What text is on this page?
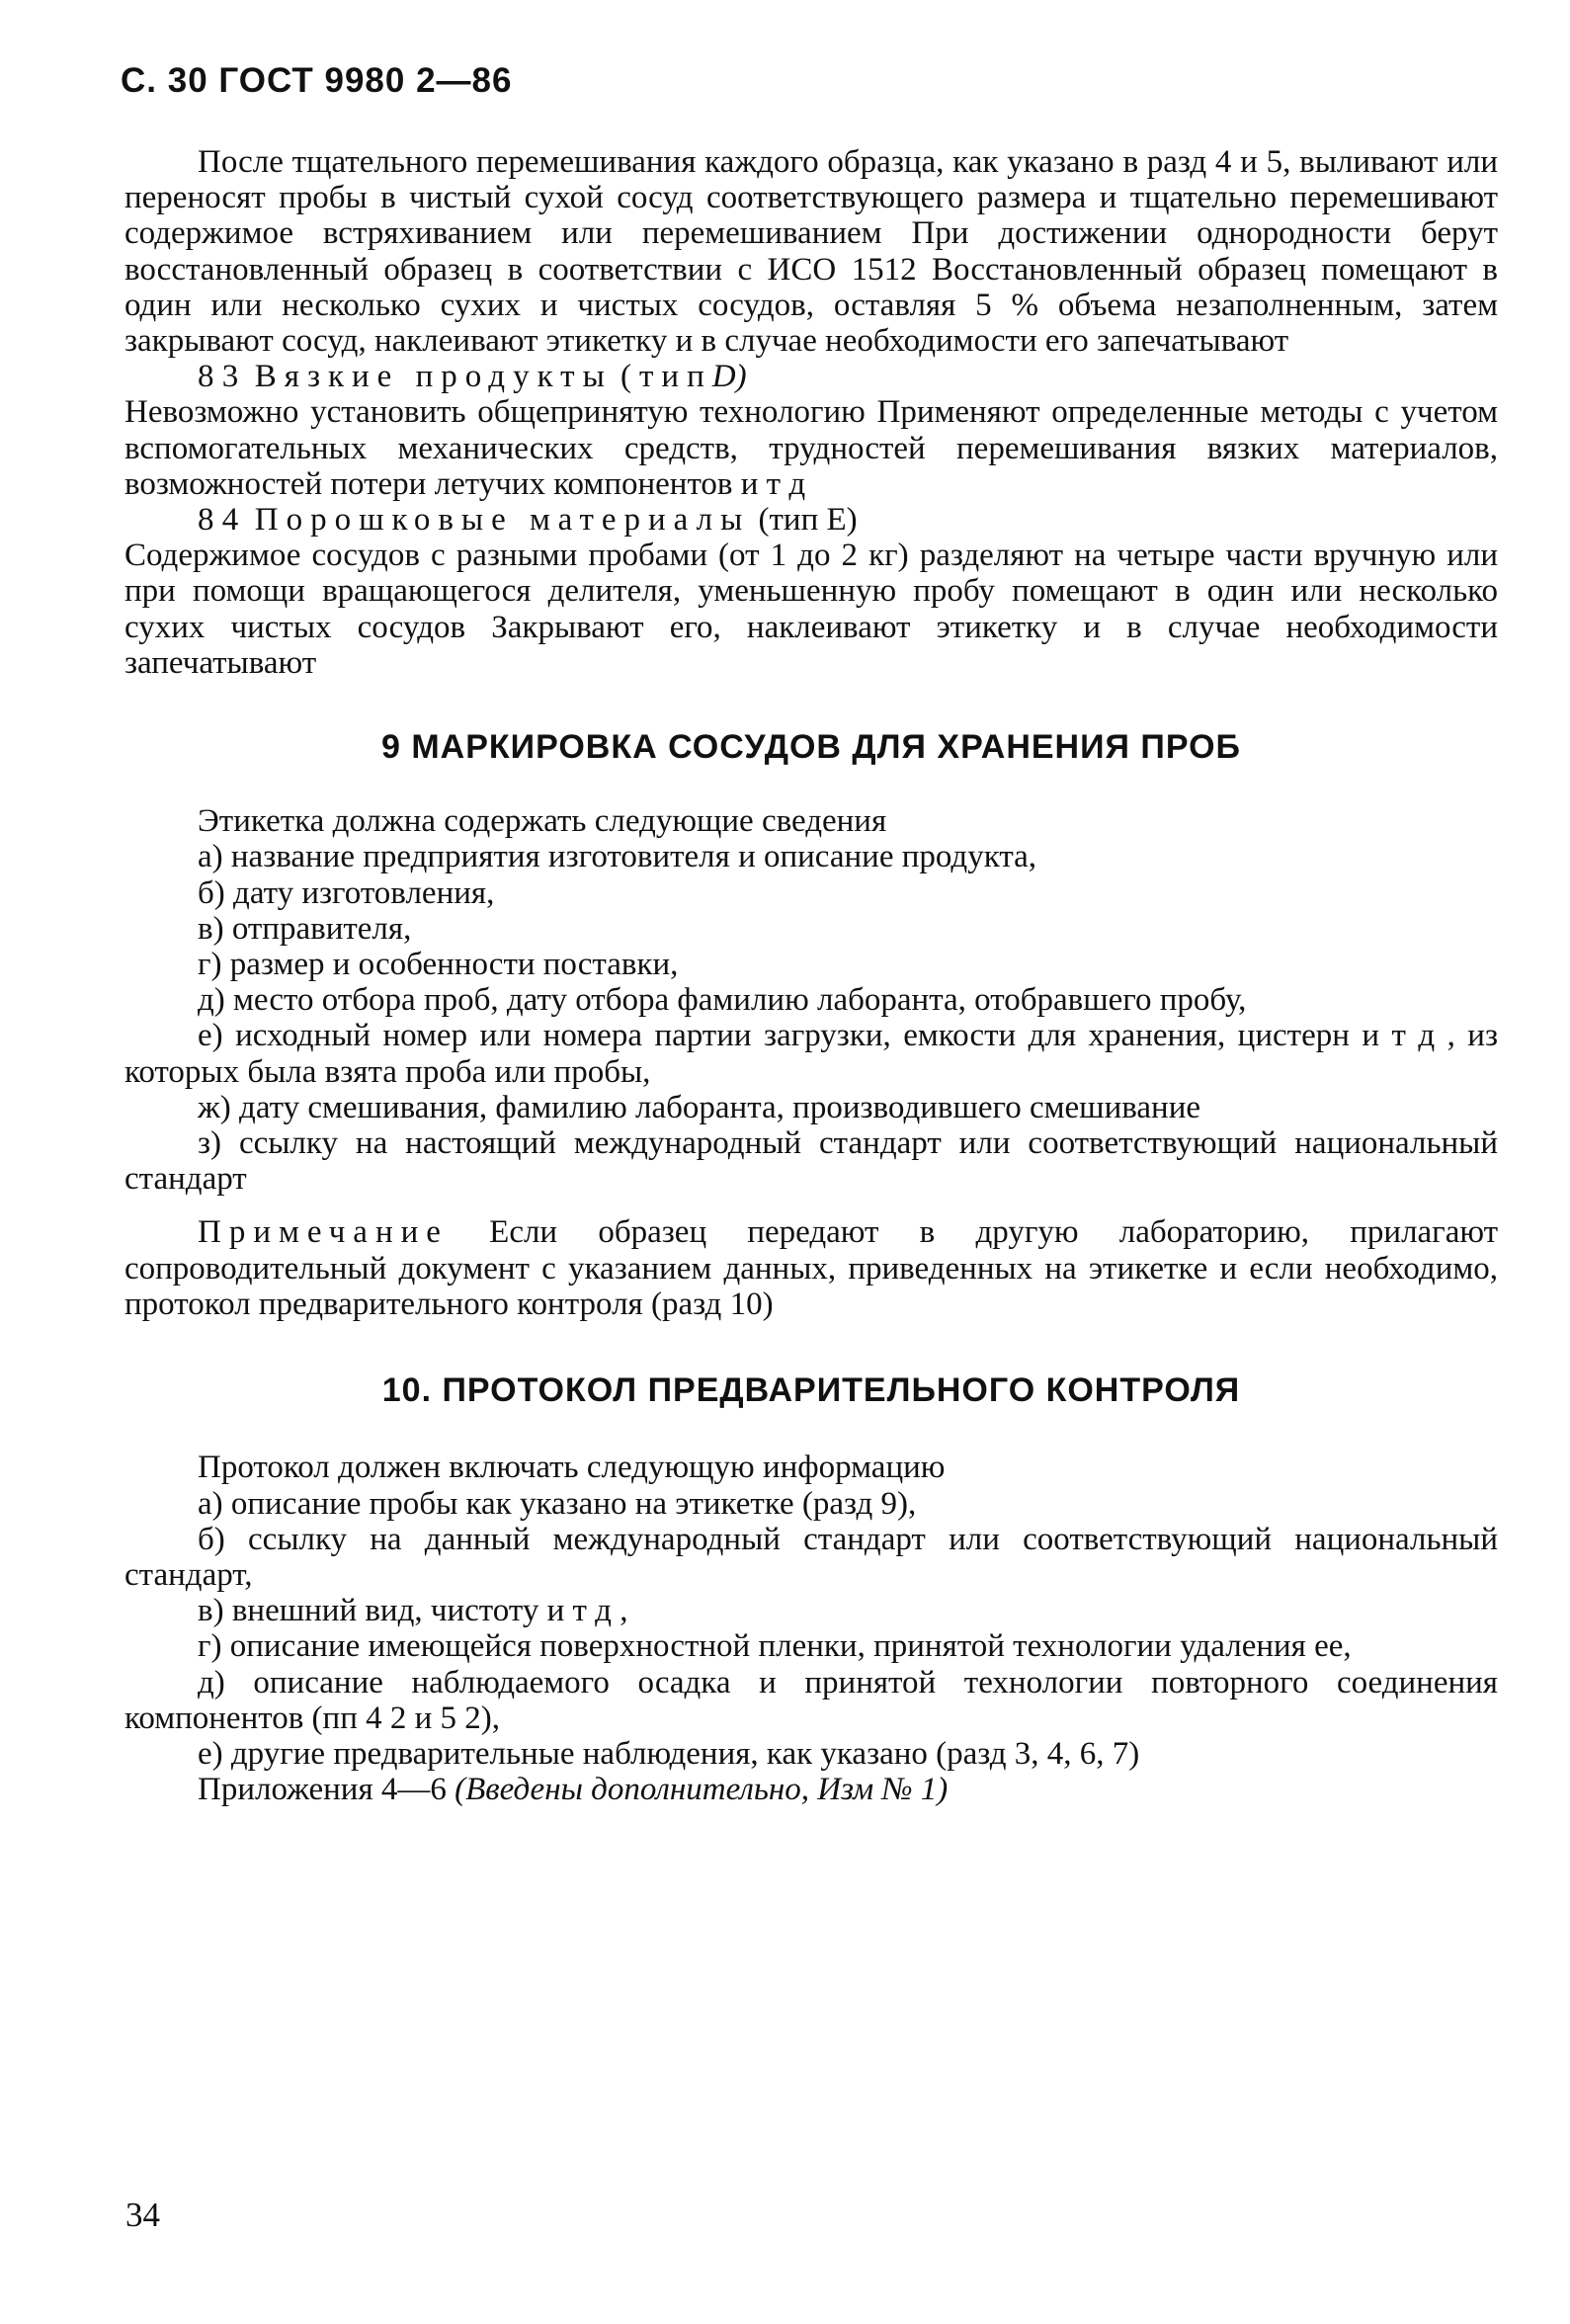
С. 30 ГОСТ 9980 2—86

После тщательного перемешивания каждого образца, как указано в разд 4 и 5, выливают или переносят пробы в чистый сухой сосуд соответствующего размера и тщательно перемешивают содержимое встряхиванием или перемешиванием При достижении однородности берут восстановленный образец в соответствии с ИСО 1512 Восстановленный образец помещают в один или несколько сухих и чистых сосудов, оставляя 5 % объема незаполненным, затем закрывают сосуд, наклеивают этикетку и в случае необходимости его запечатывают

8 3 Вязкие продукты (типD)

Невозможно установить общепринятую технологию Применяют определенные методы с учетом вспомогательных механических средств, трудностей перемешивания вязких материалов, возможностей потери летучих компонентов и т д

8 4 Порошковые материалы (тип Е)

Содержимое сосудов с разными пробами (от 1 до 2 кг) разделяют на четыре части вручную или при помощи вращающегося делителя, уменьшенную пробу помещают в один или несколько сухих чистых сосудов Закрывают его, наклеивают этикетку и в случае необходимости запечатывают

9 МАРКИРОВКА СОСУДОВ ДЛЯ ХРАНЕНИЯ ПРОБ

Этикетка должна содержать следующие сведения

а) название предприятия изготовителя и описание продукта,

б) дату изготовления,

в) отправителя,

г) размер и особенности поставки,

д) место отбора проб, дату отбора фамилию лаборанта, отобравшего пробу,

е) исходный номер или номера партии загрузки, емкости для хранения, цистерн и т д , из которых была взята проба или пробы,

ж) дату смешивания, фамилию лаборанта, производившего смешивание

з) ссылку на настоящий международный стандарт или соответствующий национальный стандарт

Примечание Если образец передают в другую лабораторию, прилагают сопроводительный документ с указанием данных, приведенных на этикетке и если необходимо, протокол предварительного контроля (разд 10)

10. ПРОТОКОЛ ПРЕДВАРИТЕЛЬНОГО КОНТРОЛЯ

Протокол должен включать следующую информацию

а) описание пробы как указано на этикетке (разд 9),

б) ссылку на данный международный стандарт или соответствующий национальный стандарт,

в) внешний вид, чистоту и т д ,

г) описание имеющейся поверхностной пленки, принятой технологии удаления ее,

д) описание наблюдаемого осадка и принятой технологии повторного соединения компонентов (пп 4 2 и 5 2),

е) другие предварительные наблюдения, как указано (разд 3, 4, 6, 7)

Приложения 4—6 (Введены дополнительно, Изм № 1)

34
